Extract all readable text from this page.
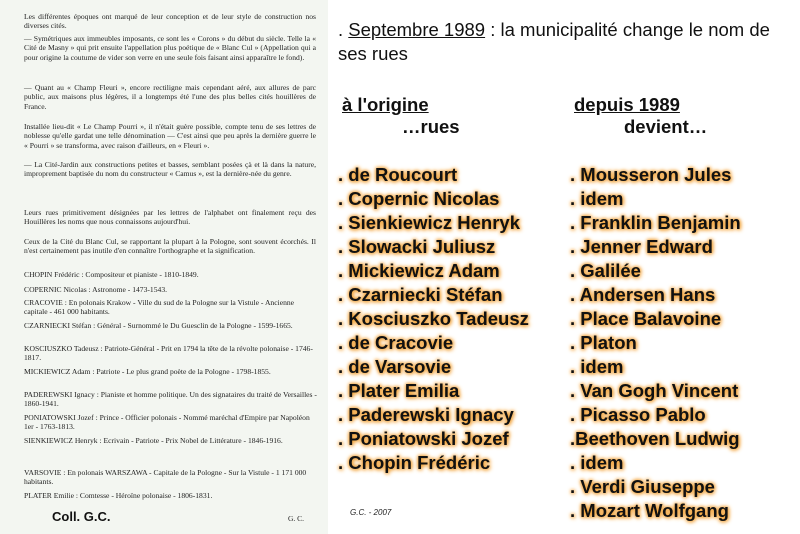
Les différentes époques ont marqué de leur conception et de leur style de construction nos diverses cités.

— Symétriques aux immeubles imposants, ce sont les « Corons » du début du siècle. Telle la « Cité de Masny » qui prit ensuite l'appellation plus poétique de « Blanc Cul » (Appellation qui a pour origine la coutume de vider son verre en une seule fois faisant ainsi apparaître le fond).

— Quant au « Champ Fleuri », encore rectiligne mais cependant aéré, aux allures de parc public, aux maisons plus légères, il a longtemps été l'une des plus belles cités houillères de France.

Installée lieu-dit « Le Champ Pourri », il n'était guère possible, compte tenu de ses lettres de noblesse qu'elle gardat une telle dénomination — C'est ainsi que peu après la dernière guerre le « Pourri » se transforma, avec raison d'ailleurs, en « Fleuri ».

— La Cité-Jardin aux constructions petites et basses, semblant posées çà et là dans la nature, improprement baptisée du nom du constructeur « Camus », est la dernière-née du genre.

Leurs rues primitivement désignées par les lettres de l'alphabet ont finalement reçu des Houillères les noms que nous connaissons aujourd'hui.

Ceux de la Cité du Blanc Cul, se rapportant la plupart à la Pologne, sont souvent écorchés. Il n'est certainement pas inutile d'en connaître l'orthographe et la signification.

CHOPIN Frédéric : Compositeur et pianiste - 1810-1849.

COPERNIC Nicolas : Astronome - 1473-1543.

CRACOVIE : En polonais Krakow - Ville du sud de la Pologne sur la Vistule - Ancienne capitale - 461 000 habitants.

CZARNIECKI Stéfan : Général - Surnommé le Du Guesclin de la Pologne - 1599-1665.

KOSCIUSZKO Tadeusz : Patriote-Général - Prit en 1794 la tête de la révolte polonaise - 1746-1817.

MICKIEWICZ Adam : Patriote - Le plus grand poète de la Pologne - 1798-1855.

PADEREWSKI Ignacy : Pianiste et homme politique. Un des signataires du traité de Versailles - 1860-1941.

PONIATOWSKI Jozef : Prince - Officier polonais - Nommé maréchal d'Empire par Napoléon 1er - 1763-1813.

SIENKIEWICZ Henryk : Ecrivain - Patriote - Prix Nobel de Littérature - 1846-1916.

VARSOVIE : En polonais WARSZAWA - Capitale de la Pologne - Sur la Vistule - 1 171 000 habitants.

PLATER Emilie : Comtesse - Héroïne polonaise - 1806-1831.

Coll. G.C.	G. C.

. Septembre 1989 : la municipalité change le nom de ses rues

à l'origine
…rues
depuis 1989
devient…
. de Roucourt
. Copernic Nicolas
. Sienkiewicz Henryk
. Slowacki Juliusz
. Mickiewicz Adam
. Czarniecki Stéfan
. Kosciuszko Tadeusz
. de Cracovie
. de Varsovie
. Plater Emilia
. Paderewski Ignacy
. Poniatowski Jozef
. Chopin Frédéric
. Mousseron Jules
. idem
. Franklin Benjamin
. Jenner Edward
. Galilée
. Andersen Hans
. Place Balavoine
. Platon
. idem
. Van Gogh Vincent
. Picasso Pablo
.Beethoven Ludwig
. idem
. Verdi Giuseppe
. Mozart Wolfgang
G.C. - 2007
